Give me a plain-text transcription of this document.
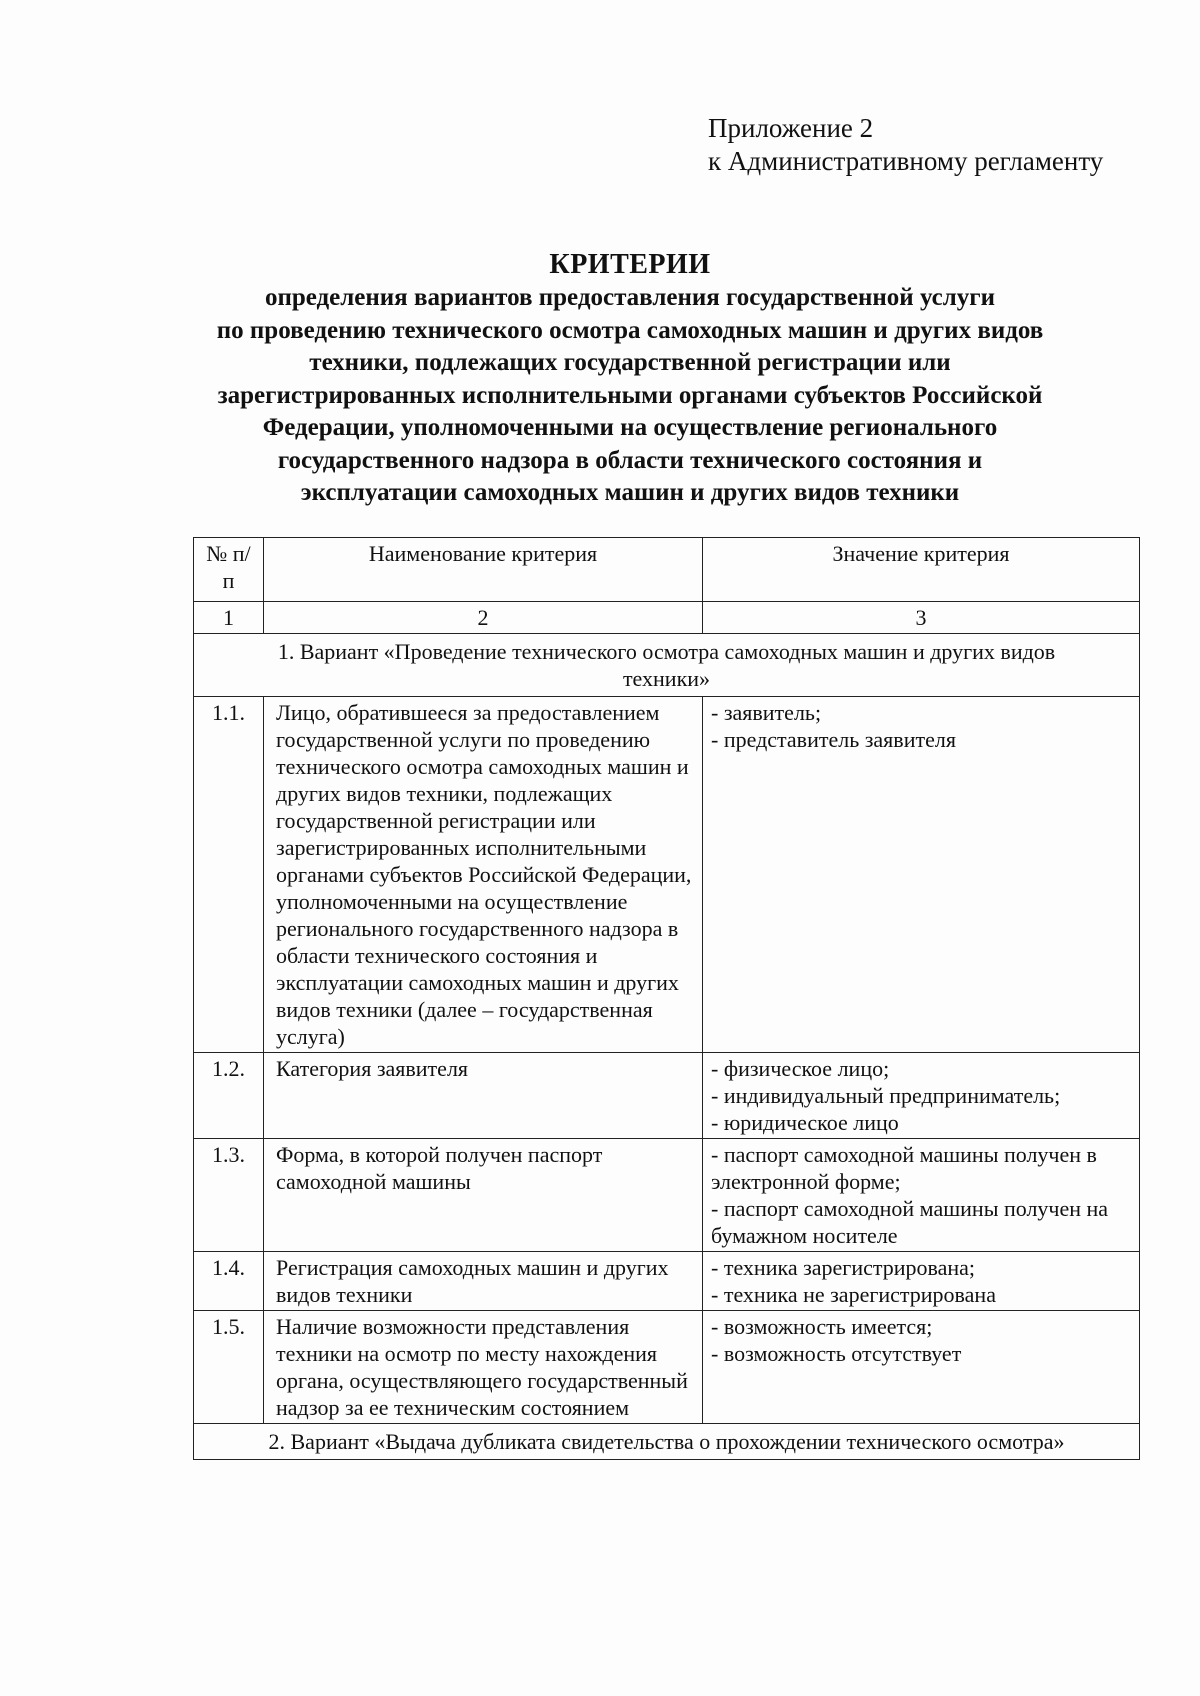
Приложение 2
к Административному регламенту
КРИТЕРИИ
определения вариантов предоставления государственной услуги
по проведению технического осмотра самоходных машин и других видов
техники, подлежащих государственной регистрации или
зарегистрированных исполнительными органами субъектов Российской
Федерации, уполномоченными на осуществление регионального
государственного надзора в области технического состояния и
эксплуатации самоходных машин и других видов техники
№ п/п	Наименование критерия	Значение критерия
1	2	3
1. Вариант «Проведение технического осмотра самоходных машин и других видов техники»		
1.1.	Лицо, обратившееся за предоставлением государственной услуги по проведению технического осмотра самоходных машин и других видов техники, подлежащих государственной регистрации или зарегистрированных исполнительными органами субъектов Российской Федерации, уполномоченными на осуществление регионального государственного надзора в области технического состояния и эксплуатации самоходных машин и других видов техники (далее – государственная услуга)	- заявитель;
- представитель заявителя

1.2.	Категория заявителя	- физическое лицо;
- индивидуальный предприниматель;
- юридическое лицо

1.3.	Форма, в которой получен паспорт самоходной машины	- паспорт самоходной машины получен в электронной форме;
- паспорт самоходной машины получен на бумажном носителе

1.4.	Регистрация самоходных машин и других видов техники	- техника зарегистрирована;
- техника не зарегистрирована

1.5.	Наличие возможности представления техники на осмотр по месту нахождения органа, осуществляющего государственный надзор за ее техническим состоянием	- возможность имеется;
- возможность отсутствует

2. Вариант «Выдача дубликата свидетельства о прохождении технического осмотра»		
